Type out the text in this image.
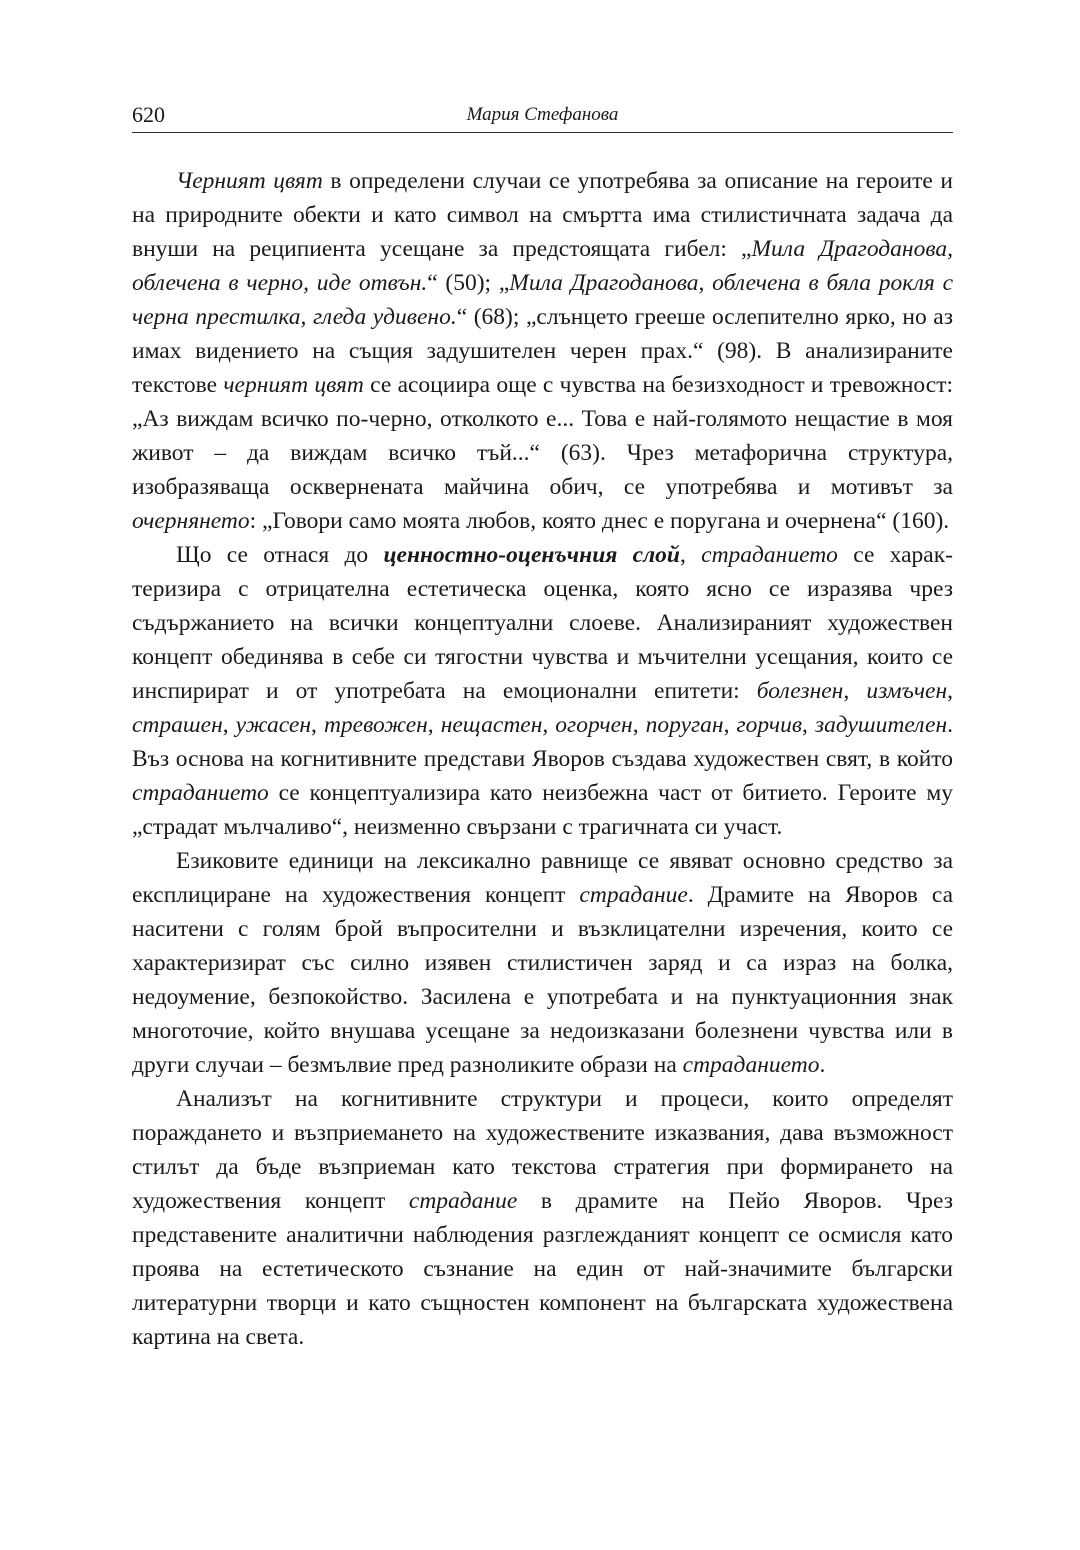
620	Мария Стефанова

Черният цвят в определени случаи се употребява за описание на героите и на природните обекти и като символ на смъртта има стилистичната задача да внуши на реципиента усещане за предстоящата гибел: „Мила Драгоданова, облечена в черно, иде отвън.“ (50); „Мила Драгоданова, облечена в бяла рокля с черна престилка, гледа удивено.“ (68); „слънцето грееше ослепително ярко, но аз имах видението на същия задушителен черен прах.“ (98). В анализираните текстове черният цвят се асоциира още с чувства на безизходност и тревожност: „Аз виждам всичко по-черно, отколкото е... Това е най-голямото нещастие в моя живот – да виждам всичко тъй...“ (63). Чрез метафорична структура, изобразяваща осквернената майчина обич, се употребява и мотивът за очернянето: „Говори само моята любов, която днес е поругана и очернена“ (160).

Що се отнася до ценностно-оценъчния слой, страданието се характеризира с отрицателна естетическа оценка, която ясно се изразява чрез съдържанието на всички концептуални слоеве. Анализираният художествен концепт обединява в себе си тягостни чувства и мъчителни усещания, които се инспирират и от употребата на емоционални епитети: болезнен, измъчен, страшен, ужасен, тревожен, нещастен, огорчен, поруган, горчив, задушителен. Въз основа на когнитивните представи Яворов създава художествен свят, в който страданието се концептуализира като неизбежна част от битието. Героите му „страдат мълчаливо“, неизменно свързани с трагичната си участ.

Езиковите единици на лексикално равнище се явяват основно средство за експлициране на художествения концепт страдание. Драмите на Яворов са наситени с голям брой въпросителни и възклицателни изречения, които се характеризират със силно изявен стилистичен заряд и са израз на болка, недоумение, безпокойство. Засилена е употребата и на пунктуационния знак многоточие, който внушава усещане за недоизказани болезнени чувства или в други случаи – безмълвие пред разноликите образи на страданието.

Анализът на когнитивните структури и процеси, които определят пораждането и възприемането на художествените изказвания, дава възможност стилът да бъде възприеман като текстова стратегия при формирането на художествения концепт страдание в драмите на Пейо Яворов. Чрез представените аналитични наблюдения разглежданият концепт се осмисля като проява на естетическото съзнание на един от най-значимите български литературни творци и като същностен компонент на българската художествена картина на света.
